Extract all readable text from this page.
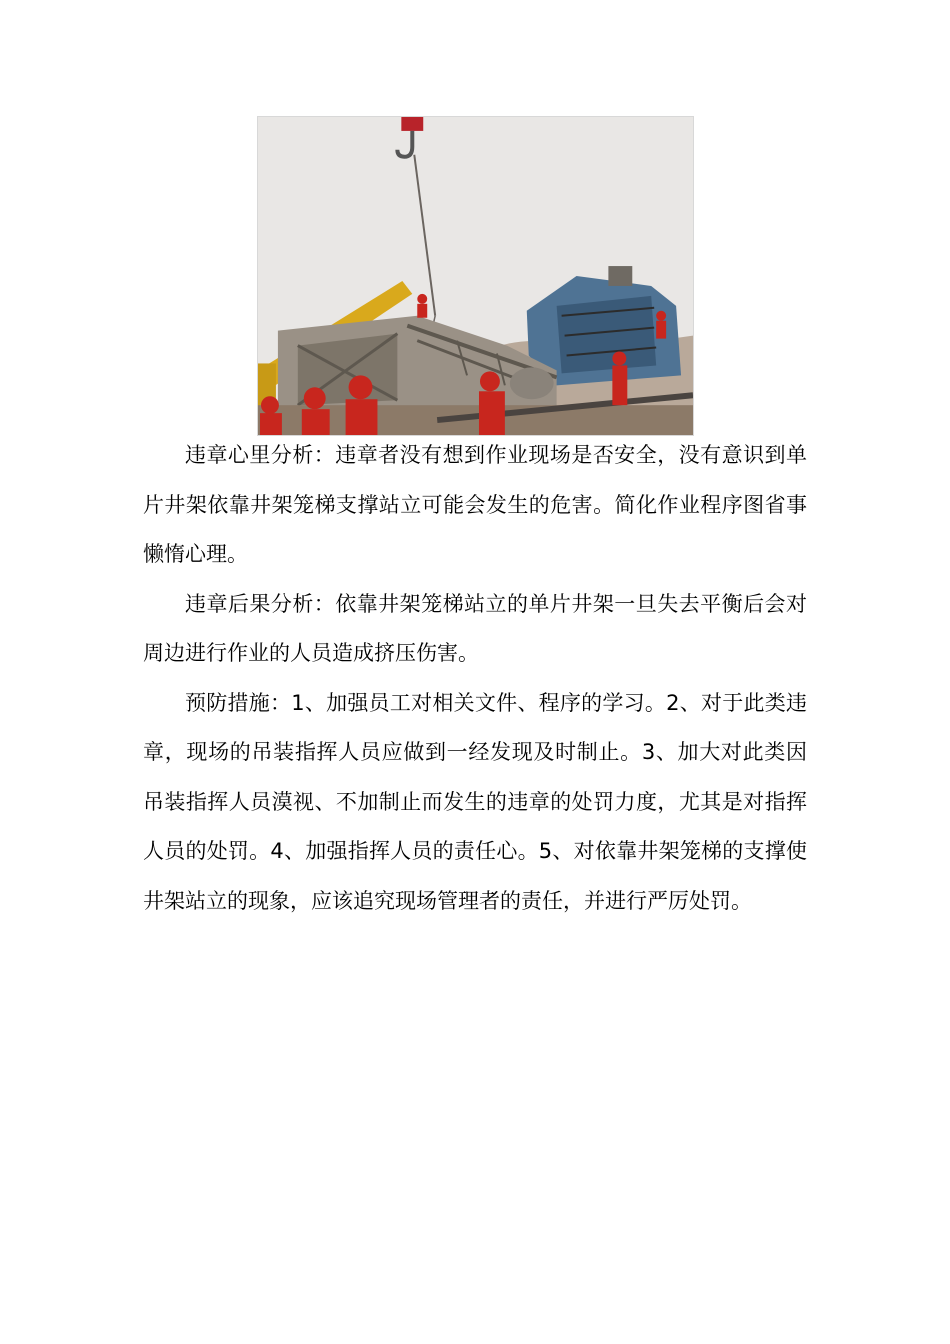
违章心里分析：违章者没有想到作业现场是否安全，没有意识到单片井架依靠井架笼梯支撑站立可能会发生的危害。简化作业程序图省事懒惰心理。

违章后果分析：依靠井架笼梯站立的单片井架一旦失去平衡后会对周边进行作业的人员造成挤压伤害。

预防措施：1、加强员工对相关文件、程序的学习。2、对于此类违章，现场的吊装指挥人员应做到一经发现及时制止。3、加大对此类因吊装指挥人员漠视、不加制止而发生的违章的处罚力度，尤其是对指挥人员的处罚。4、加强指挥人员的责任心。5、对依靠井架笼梯的支撑使井架站立的现象，应该追究现场管理者的责任，并进行严厉处罚。
